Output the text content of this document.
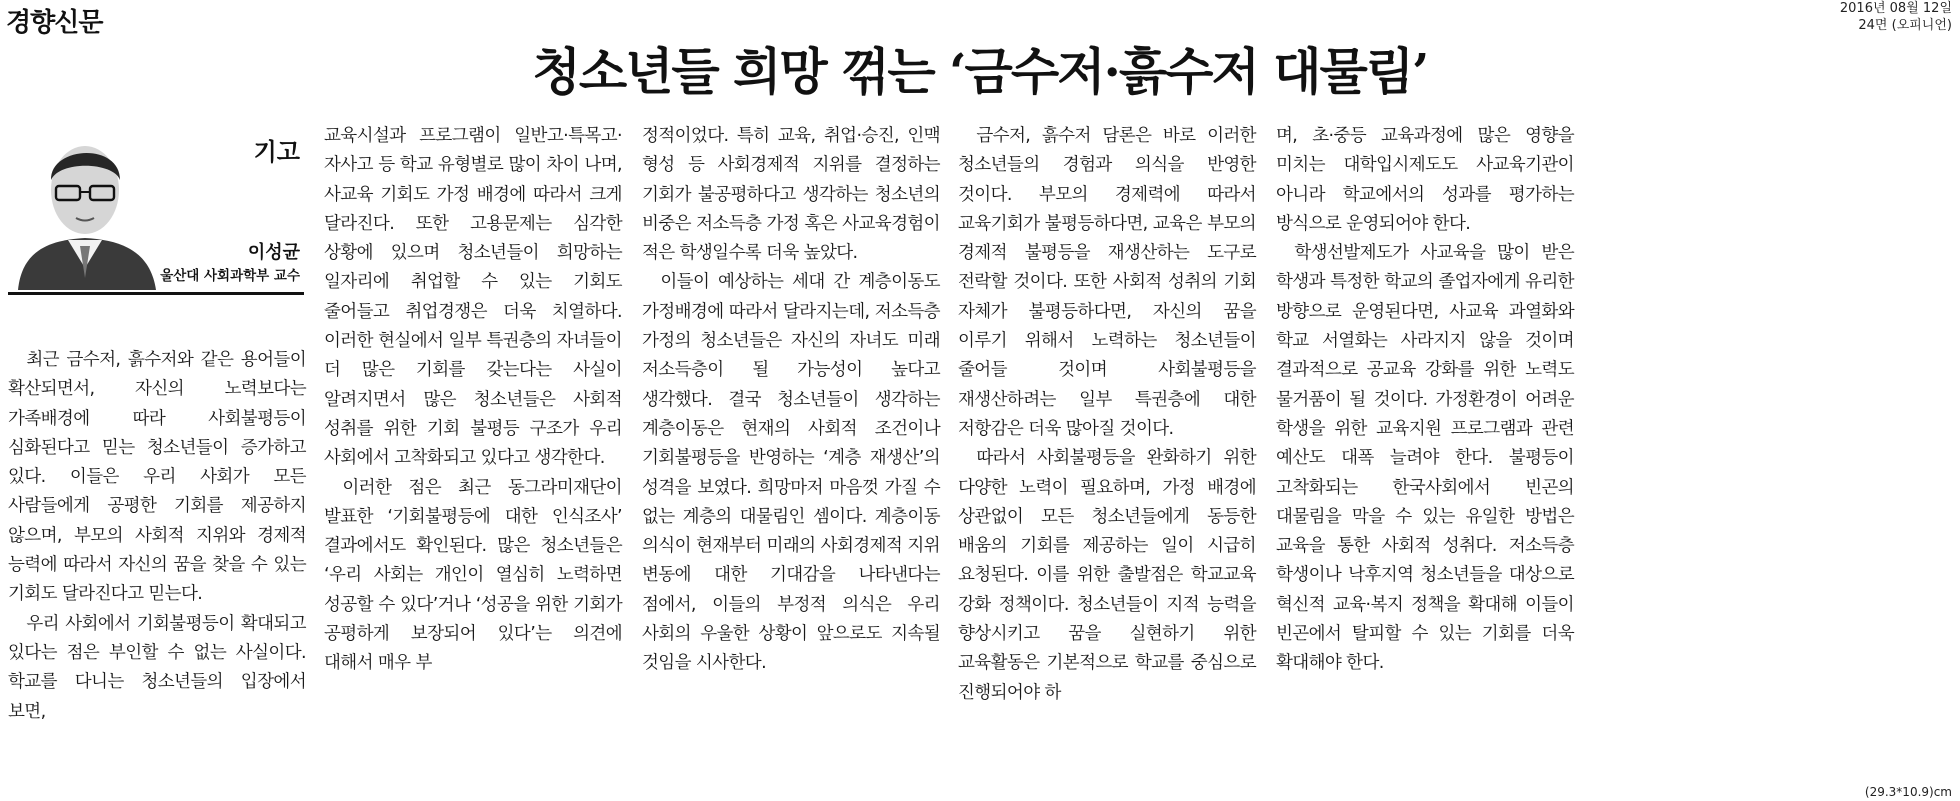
경향신문	2016년 08월 12일
24면 (오피니언)
청소년들 희망 꺾는 ‘금수저·흙수저 대물림’
기고
이성균
울산대 사회과학부 교수

최근 금수저, 흙수저와 같은 용어들이 확산되면서, 자신의 노력보다는 가족배경에 따라 사회불평등이 심화된다고 믿는 청소년들이 증가하고 있다. 이들은 우리 사회가 모든 사람들에게 공평한 기회를 제공하지 않으며, 부모의 사회적 지위와 경제적 능력에 따라서 자신의 꿈을 찾을 수 있는 기회도 달라진다고 믿는다.

우리 사회에서 기회불평등이 확대되고 있다는 점은 부인할 수 없는 사실이다. 학교를 다니는 청소년들의 입장에서 보면,

교육시설과 프로그램이 일반고·특목고·자사고 등 학교 유형별로 많이 차이 나며, 사교육 기회도 가정 배경에 따라서 크게 달라진다. 또한 고용문제는 심각한 상황에 있으며 청소년들이 희망하는 일자리에 취업할 수 있는 기회도 줄어들고 취업경쟁은 더욱 치열하다. 이러한 현실에서 일부 특권층의 자녀들이 더 많은 기회를 갖는다는 사실이 알려지면서 많은 청소년들은 사회적 성취를 위한 기회 불평등 구조가 우리 사회에서 고착화되고 있다고 생각한다.

이러한 점은 최근 동그라미재단이 발표한 ‘기회불평등에 대한 인식조사’ 결과에서도 확인된다. 많은 청소년들은 ‘우리 사회는 개인이 열심히 노력하면 성공할 수 있다’거나 ‘성공을 위한 기회가 공평하게 보장되어 있다’는 의견에 대해서 매우 부

정적이었다. 특히 교육, 취업·승진, 인맥 형성 등 사회경제적 지위를 결정하는 기회가 불공평하다고 생각하는 청소년의 비중은 저소득층 가정 혹은 사교육경험이 적은 학생일수록 더욱 높았다.

이들이 예상하는 세대 간 계층이동도 가정배경에 따라서 달라지는데, 저소득층 가정의 청소년들은 자신의 자녀도 미래 저소득층이 될 가능성이 높다고 생각했다. 결국 청소년들이 생각하는 계층이동은 현재의 사회적 조건이나 기회불평등을 반영하는 ‘계층 재생산’의 성격을 보였다. 희망마저 마음껏 가질 수 없는 계층의 대물림인 셈이다. 계층이동 의식이 현재부터 미래의 사회경제적 지위 변동에 대한 기대감을 나타낸다는 점에서, 이들의 부정적 의식은 우리 사회의 우울한 상황이 앞으로도 지속될 것임을 시사한다.

금수저, 흙수저 담론은 바로 이러한 청소년들의 경험과 의식을 반영한 것이다. 부모의 경제력에 따라서 교육기회가 불평등하다면, 교육은 부모의 경제적 불평등을 재생산하는 도구로 전락할 것이다. 또한 사회적 성취의 기회 자체가 불평등하다면, 자신의 꿈을 이루기 위해서 노력하는 청소년들이 줄어들 것이며 사회불평등을 재생산하려는 일부 특권층에 대한 저항감은 더욱 많아질 것이다.

따라서 사회불평등을 완화하기 위한 다양한 노력이 필요하며, 가정 배경에 상관없이 모든 청소년들에게 동등한 배움의 기회를 제공하는 일이 시급히 요청된다. 이를 위한 출발점은 학교교육 강화 정책이다. 청소년들이 지적 능력을 향상시키고 꿈을 실현하기 위한 교육활동은 기본적으로 학교를 중심으로 진행되어야 하

며, 초·중등 교육과정에 많은 영향을 미치는 대학입시제도도 사교육기관이 아니라 학교에서의 성과를 평가하는 방식으로 운영되어야 한다.

학생선발제도가 사교육을 많이 받은 학생과 특정한 학교의 졸업자에게 유리한 방향으로 운영된다면, 사교육 과열화와 학교 서열화는 사라지지 않을 것이며 결과적으로 공교육 강화를 위한 노력도 물거품이 될 것이다. 가정환경이 어려운 학생을 위한 교육지원 프로그램과 관련 예산도 대폭 늘려야 한다. 불평등이 고착화되는 한국사회에서 빈곤의 대물림을 막을 수 있는 유일한 방법은 교육을 통한 사회적 성취다. 저소득층 학생이나 낙후지역 청소년들을 대상으로 혁신적 교육·복지 정책을 확대해 이들이 빈곤에서 탈피할 수 있는 기회를 더욱 확대해야 한다.

(29.3*10.9)cm
